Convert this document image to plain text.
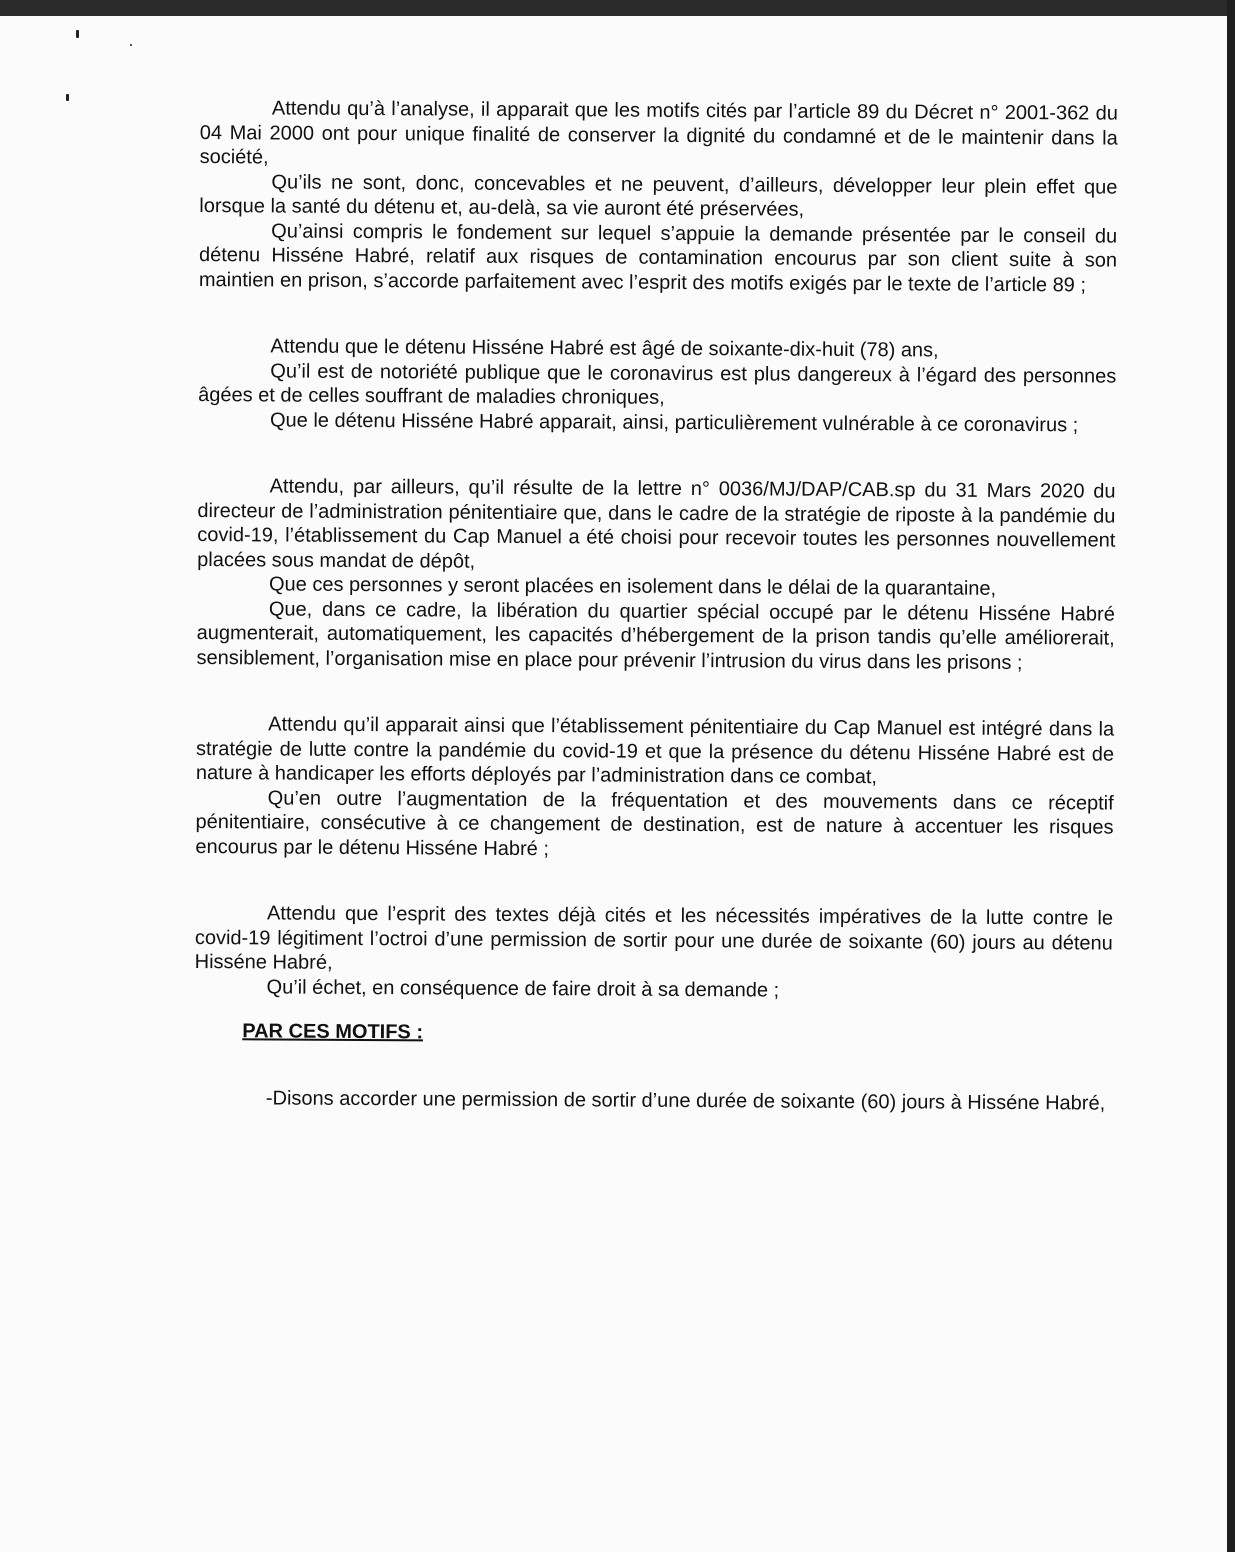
Attendu qu’à l’analyse, il apparait que les motifs cités par l’article 89 du Décret n° 2001-362 du 04 Mai 2000 ont pour unique finalité de conserver la dignité du condamné et de le maintenir dans la société,

Qu’ils ne sont, donc, concevables et ne peuvent, d’ailleurs, développer leur plein effet que lorsque la santé du détenu et, au-delà, sa vie auront été préservées,

Qu’ainsi compris le fondement sur lequel s’appuie la demande présentée par le conseil du détenu Hisséne Habré, relatif aux risques de contamination encourus par son client suite à son maintien en prison, s’accorde parfaitement avec l’esprit des motifs exigés par le texte de l’article 89 ;

Attendu que le détenu Hisséne Habré est âgé de soixante-dix-huit (78) ans,

Qu’il est de notoriété publique que le coronavirus est plus dangereux à l’égard des personnes âgées et de celles souffrant de maladies chroniques,

Que le détenu Hisséne Habré apparait, ainsi, particulièrement vulnérable à ce coronavirus ;

Attendu, par ailleurs, qu’il résulte de la lettre n° 0036/MJ/DAP/CAB.sp du 31 Mars 2020 du directeur de l’administration pénitentiaire que, dans le cadre de la stratégie de riposte à la pandémie du covid-19, l’établissement du Cap Manuel a été choisi pour recevoir toutes les personnes nouvellement placées sous mandat de dépôt,

Que ces personnes y seront placées en isolement dans le délai de la quarantaine,

Que, dans ce cadre, la libération du quartier spécial occupé par le détenu Hisséne Habré augmenterait, automatiquement, les capacités d’hébergement de la prison tandis qu’elle améliorerait, sensiblement, l’organisation mise en place pour prévenir l’intrusion du virus dans les prisons ;

Attendu qu’il apparait ainsi que l’établissement pénitentiaire du Cap Manuel est intégré dans la stratégie de lutte contre la pandémie du covid-19 et que la présence du détenu Hisséne Habré est de nature à handicaper les efforts déployés par l’administration dans ce combat,

Qu’en outre l’augmentation de la fréquentation et des mouvements dans ce réceptif pénitentiaire, consécutive à ce changement de destination, est de nature à accentuer les risques encourus par le détenu Hisséne Habré ;

Attendu que l’esprit des textes déjà cités et les nécessités impératives de la lutte contre le covid-19 légitiment l’octroi d’une permission de sortir pour une durée de soixante (60) jours au détenu Hisséne Habré,

Qu’il échet, en conséquence de faire droit à sa demande ;

PAR CES MOTIFS :

-Disons accorder une permission de sortir d’une durée de soixante (60) jours à Hisséne Habré,
